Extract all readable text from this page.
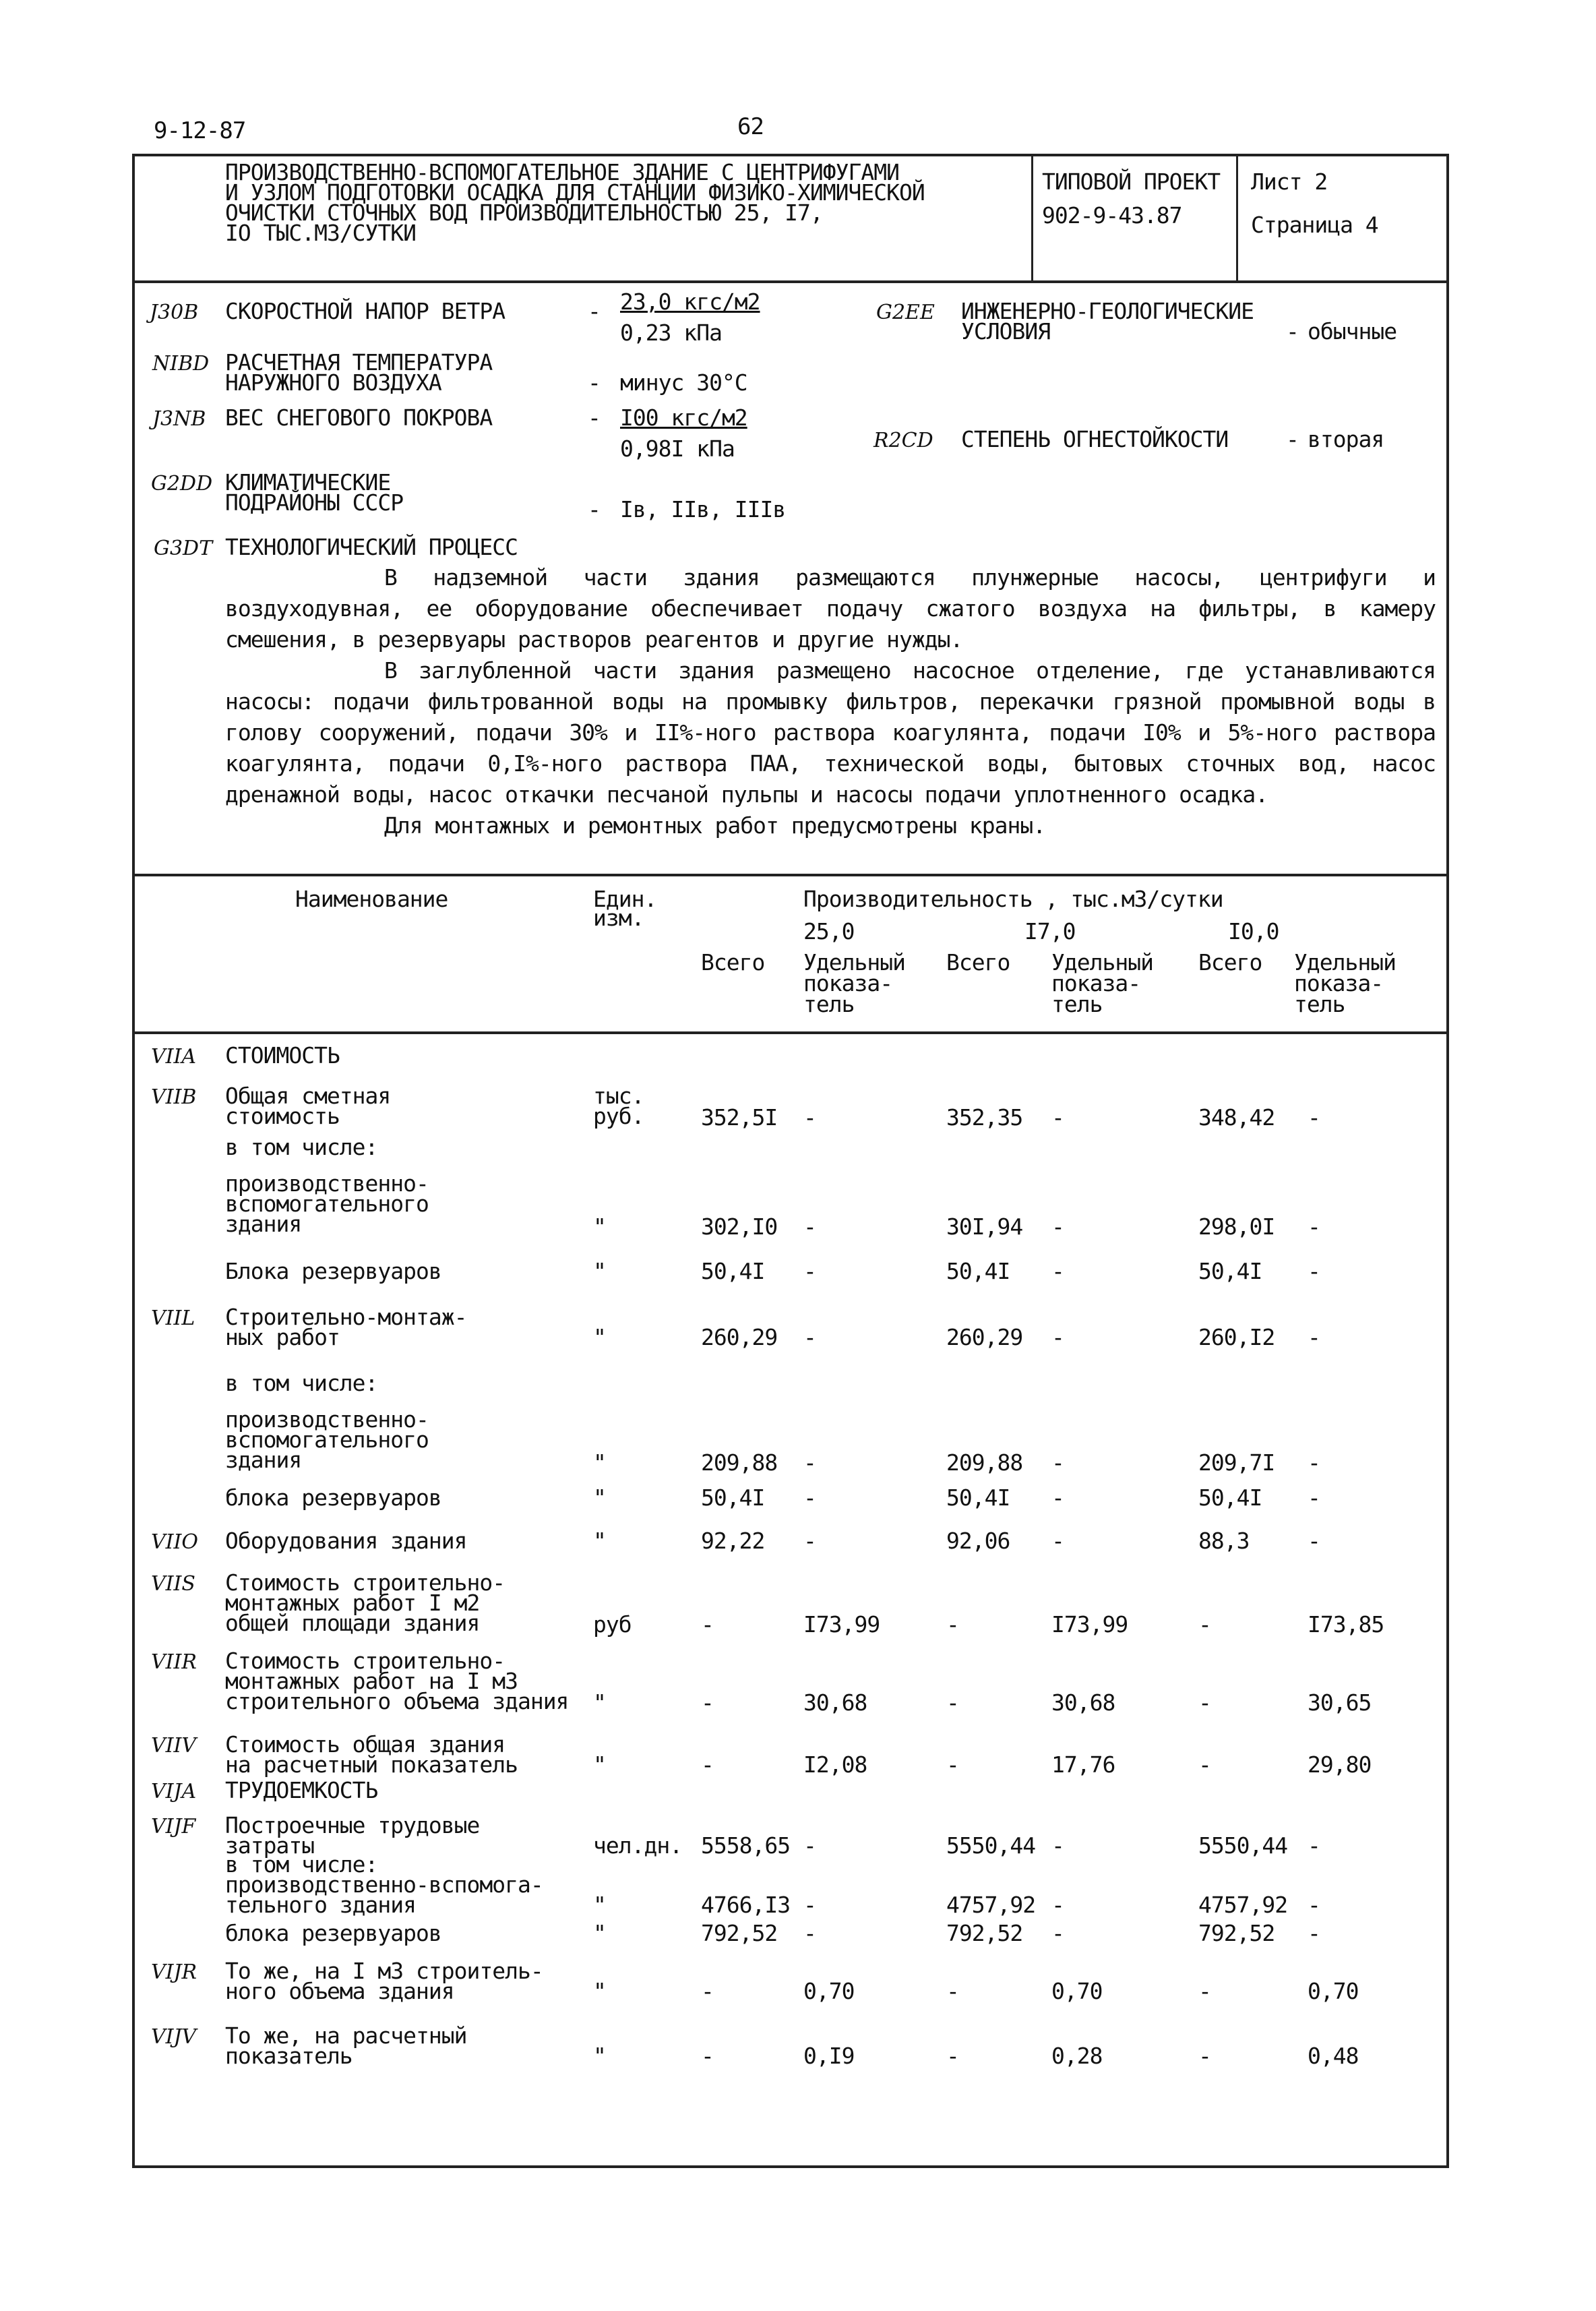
9-12-87	62
ПРОИЗВОДСТВЕННО-ВСПОМОГАТЕЛЬНОЕ ЗДАНИЕ С ЦЕНТРИФУГАМИ
И УЗЛОМ ПОДГОТОВКИ ОСАДКА ДЛЯ СТАНЦИИ ФИЗИКО-ХИМИЧЕСКОЙ
ОЧИСТКИ СТОЧНЫХ ВОД ПРОИЗВОДИТЕЛЬНОСТЬЮ 25, I7,
IO ТЫС.М3/СУТКИ
ТИПОВОЙ ПРОЕКТ
902-9-43.87
Лист 2
Страница 4
J30B СКОРОСТНОЙ НАПОР ВЕТРА	- 23,0 кгс/м2
0,23 кПа
NIBD РАСЧЕТНАЯ ТЕМПЕРАТУРА
НАРУЖНОГО ВОЗДУХА	- минус 30°С
J3NB ВЕС СНЕГОВОГО ПОКРОВА	- I00 кгс/м2
0,98I кПа
G2DD КЛИМАТИЧЕСКИЕ
ПОДРАЙОНЫ СССР	- Iв, IIв, IIIв
G2EE ИНЖЕНЕРНО-ГЕОЛОГИЧЕСКИЕ
УСЛОВИЯ	- обычные
R2CD СТЕПЕНЬ ОГНЕСТОЙКОСТИ	- вторая
G3DT ТЕХНОЛОГИЧЕСКИЙ ПРОЦЕСС
В надземной части здания размещаются плунжерные насосы, центрифуги и воздуходувная, ее оборудование обеспечивает подачу сжатого воздуха на фильтры, в камеру смешения, в резервуары растворов реагентов и другие нужды.
В заглубленной части здания размещено насосное отделение, где устанавливаются насосы: подачи фильтрованной воды на промывку фильтров, перекачки грязной промывной воды в голову сооружений, подачи 30% и II%-ного раствора коагулянта, подачи I0% и 5%-ного раствора коагулянта, подачи 0,I%-ного раствора ПАА, технической воды, бытовых сточных вод, насос дренажной воды, насос откачки песчаной пульпы и насосы подачи уплотненного осадка.
Для монтажных и ремонтных работ предусмотрены краны.
Наименование	Един.
изм.
Производительность , тыс.м3/сутки
25,0	I7,0	I0,0
Всего Удельный
показа-
тель
Всего Удельный
показа-
тель
Всего Удельный
показа-
тель
VIIA СТОИМОСТЬ
VIIB Общая сметная
стоимость
тыс.
руб.	352,5I -	352,35 -	348,42 -
в том числе:
производственно-
вспомогательного
здания	"	302,I0 -	30I,94 -	298,0I -
Блока резервуаров	"	50,4I -	50,4I -	50,4I -
VIIL Строительно-монтаж-
ных работ	"	260,29 -	260,29 -	260,I2 -
в том числе:
производственно-
вспомогательного
здания	"	209,88 -	209,88 -	209,7I -
блока резервуаров	"	50,4I -	50,4I -	50,4I -
VIIO Оборудования здания	"	92,22 -	92,06 -	88,3	-
VIIS Стоимость строительно-
монтажных работ I м2
общей площади здания	руб	-	I73,99	-	I73,99	-	I73,85
VIIR Стоимость строительно-
монтажных работ на I м3
строительного объема здания "	-	30,68	-	30,68	-	30,65
VIIV Стоимость общая здания
на расчетный показатель	"	-	I2,08	-	17,76	-	29,80
VIJA ТРУДОЕМКОСТЬ
VIJF Построечные трудовые
затраты	чел.дн. 5558,65 -	5550,44 -	5550,44 -
в том числе:
производственно-вспомога-
тельного здания	"	4766,I3 -	4757,92 -	4757,92 -
блока резервуаров	"	792,52 -	792,52 -	792,52 -
VIJR То же, на I м3 строитель-
ного объема здания	"	-	0,70	-	0,70	-	0,70
VIJV То же, на расчетный
показатель	"	-	0,I9	-	0,28	-	0,48
